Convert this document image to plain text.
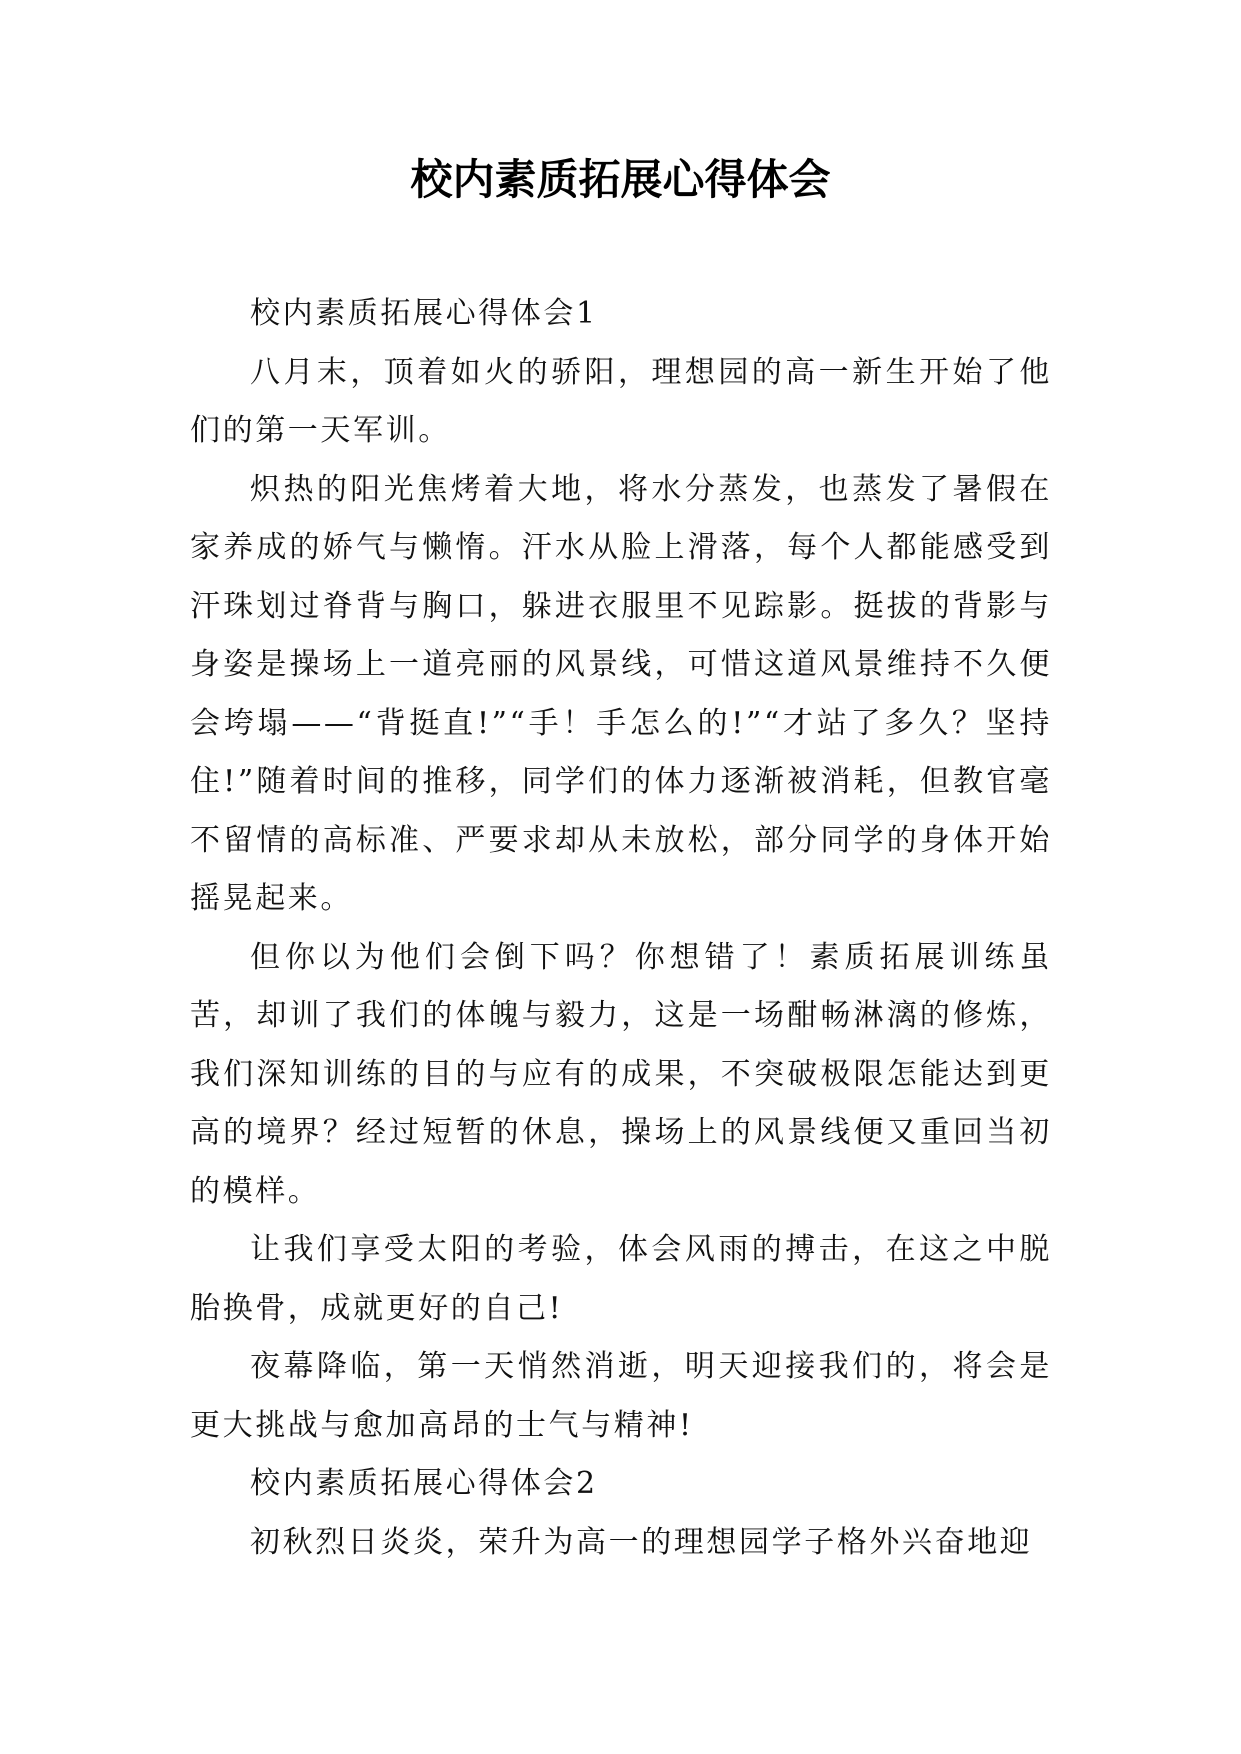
校内素质拓展心得体会

校内素质拓展心得体会1

八月末，顶着如火的骄阳，理想园的高一新生开始了他们的第一天军训。

炽热的阳光焦烤着大地，将水分蒸发，也蒸发了暑假在家养成的娇气与懒惰。汗水从脸上滑落，每个人都能感受到汗珠划过脊背与胸口，躲进衣服里不见踪影。挺拔的背影与身姿是操场上一道亮丽的风景线，可惜这道风景维持不久便会垮塌——“背挺直!”“手！手怎么的!”“才站了多久？坚持住!”随着时间的推移，同学们的体力逐渐被消耗，但教官毫不留情的高标准、严要求却从未放松，部分同学的身体开始摇晃起来。

但你以为他们会倒下吗？你想错了！素质拓展训练虽苦，却训了我们的体魄与毅力，这是一场酣畅淋漓的修炼，我们深知训练的目的与应有的成果，不突破极限怎能达到更高的境界？经过短暂的休息，操场上的风景线便又重回当初的模样。

让我们享受太阳的考验，体会风雨的搏击，在这之中脱胎换骨，成就更好的自己!

夜幕降临，第一天悄然消逝，明天迎接我们的，将会是更大挑战与愈加高昂的士气与精神!

校内素质拓展心得体会2

初秋烈日炎炎，荣升为高一的理想园学子格外兴奋地迎
